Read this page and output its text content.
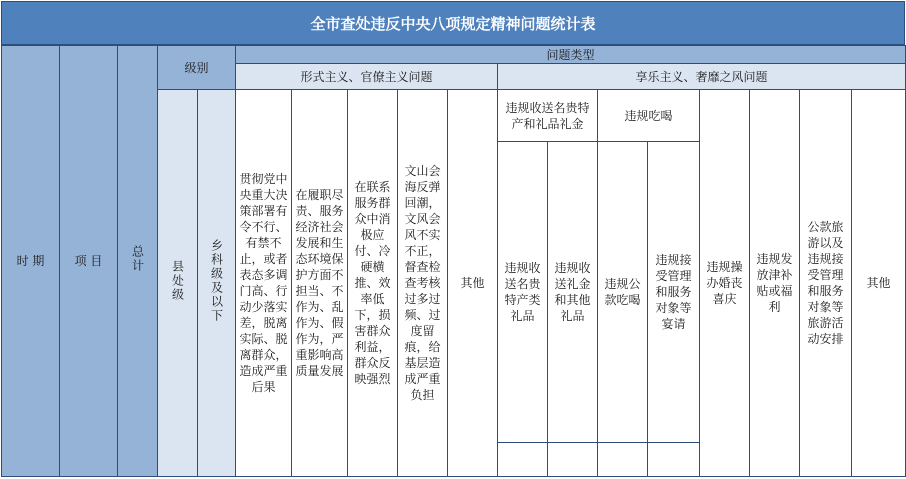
全市查处违反中央八项规定精神问题统计表
时 期	项 目	总计	级别		问题类型												
					形式主义、官僚主义问题					享乐主义、奢靡之风问题							
			县处级	乡科级及以下	贯彻党中央重大决策部署有令不行、有禁不止，或者表态多调门高、行动少落实差，脱离实际、脱离群众，造成严重后果	在履职尽责、服务经济社会发展和生态环境保护方面不担当、不作为、乱作为、假作为，严重影响高质量发展	在联系服务群众中消极应付、冷硬横推、效率低下，损害群众利益，群众反映强烈	文山会海反弹回潮，文风会风不实不正，督查检查考核过多过频、过度留痕，给基层造成严重负担	其他	违规收送名贵特产和礼品礼金		违规吃喝		违规操办婚丧喜庆	违规发放津补贴或福利	公款旅游以及违规接受管理和服务对象等旅游活动安排	其他
										违规收送名贵特产类礼品	违规收送礼金和其他礼品	违规公款吃喝	违规接受管理和服务对象等宴请				
